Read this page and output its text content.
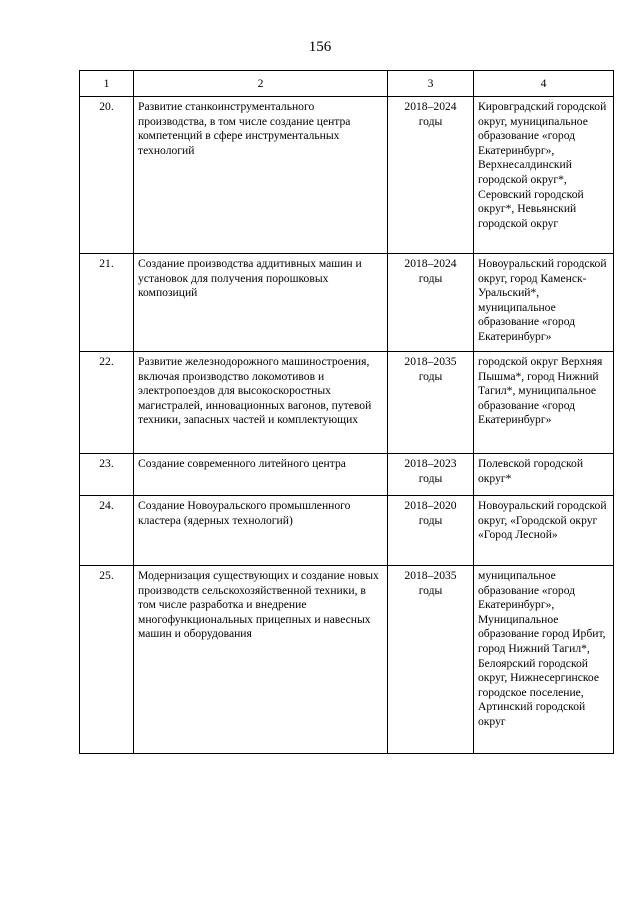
156
1	2	3	4
20.	Развитие станкоинструментального производства, в том числе создание центра компетенций в сфере инструментальных технологий	2018–2024 годы	Кировградский городской округ, муниципальное образование «город Екатеринбург», Верхнесалдинский городской округ*, Серовский городской округ*, Невьянский городской округ
21.	Создание производства аддитивных машин и установок для получения порошковых композиций	2018–2024 годы	Новоуральский городской округ, город Каменск-Уральский*, муниципальное образование «город Екатеринбург»
22.	Развитие железнодорожного машиностроения, включая производство локомотивов и электропоездов для высокоскоростных магистралей, инновационных вагонов, путевой техники, запасных частей и комплектующих	2018–2035 годы	городской округ Верхняя Пышма*, город Нижний Тагил*, муниципальное образование «город Екатеринбург»
23.	Создание современного литейного центра	2018–2023 годы	Полевской городской округ*
24.	Создание Новоуральского промышленного кластера (ядерных технологий)	2018–2020 годы	Новоуральский городской округ, «Городской округ «Город Лесной»
25.	Модернизация существующих и создание новых производств сельскохозяйственной техники, в том числе разработка и внедрение многофункциональных прицепных и навесных машин и оборудования	2018–2035 годы	муниципальное образование «город Екатеринбург», Муниципальное образование город Ирбит, город Нижний Тагил*, Белоярский городской округ, Нижнесергинское городское поселение, Артинский городской округ
